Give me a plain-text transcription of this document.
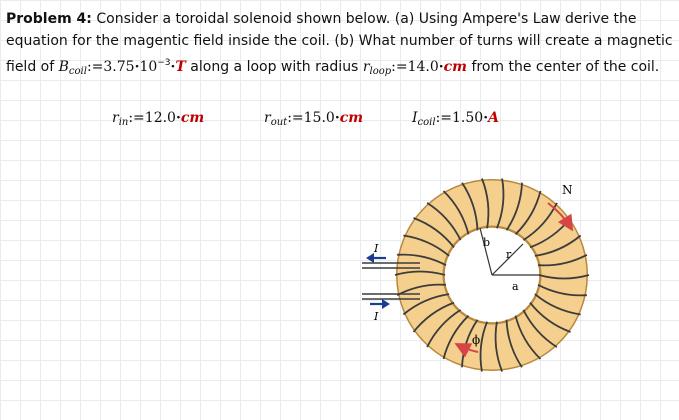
Problem 4: Consider a toroidal solenoid shown below. (a) Using Ampere's Law derive the equation for the magentic field inside the coil. (b) What number of turns will create a magnetic field of $B_{coil}:=3.75\cdot 10^{-3}\cdot T$ along a loop with radius $r_{loop}:=14.0\cdot cm$ from the center of the coil.
$r_{in}:=12.0\cdot cm$	$r_{out}:=15.0\cdot cm$	$I_{coil}:=1.50\cdot A$
b
r
a
N
ϕ
I
I
